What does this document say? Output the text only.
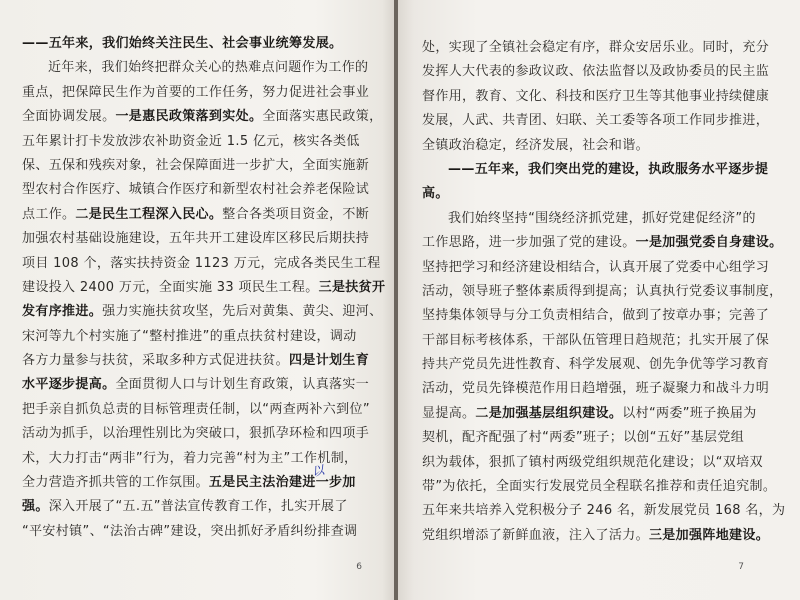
——五年来，我们始终关注民生、社会事业统筹发展。
近年来，我们始终把群众关心的热难点问题作为工作的
重点，把保障民生作为首要的工作任务，努力促进社会事业
全面协调发展。一是惠民政策落到实处。全面落实惠民政策，
五年累计打卡发放涉农补助资金近 1.5 亿元，核实各类低
保、五保和残疾对象，社会保障面进一步扩大，全面实施新
型农村合作医疗、城镇合作医疗和新型农村社会养老保险试
点工作。二是民生工程深入民心。整合各类项目资金，不断
加强农村基础设施建设，五年共开工建设库区移民后期扶持
项目 108 个，落实扶持资金 1123 万元，完成各类民生工程
建设投入 2400 万元，全面实施 33 项民生工程。三是扶贫开
发有序推进。强力实施扶贫攻坚，先后对黄集、黄尖、迎河、
宋河等九个村实施了“整村推进”的重点扶贫村建设，调动
各方力量参与扶贫，采取多种方式促进扶贫。四是计划生育
水平逐步提高。全面贯彻人口与计划生育政策，认真落实一
把手亲自抓负总责的目标管理责任制，以“两查两补六到位”
活动为抓手，以治理性别比为突破口，狠抓孕环检和四项手
术，大力打击“两非”行为，着力完善“村为主”工作机制，
全力营造齐抓共管的工作氛围。五是民主法治建进一步加
强。深入开展了“五.五”普法宣传教育工作，扎实开展了
“平安村镇”、“法治古碑”建设，突出抓好矛盾纠纷排查调
以
6
处，实现了全镇社会稳定有序，群众安居乐业。同时，充分
发挥人大代表的参政议政、依法监督以及政协委员的民主监
督作用，教育、文化、科技和医疗卫生等其他事业持续健康
发展，人武、共青团、妇联、关工委等各项工作同步推进，
全镇政治稳定，经济发展，社会和谐。
——五年来，我们突出党的建设，执政服务水平逐步提
高。
我们始终坚持“围绕经济抓党建，抓好党建促经济”的
工作思路，进一步加强了党的建设。一是加强党委自身建设。
坚持把学习和经济建设相结合，认真开展了党委中心组学习
活动，领导班子整体素质得到提高；认真执行党委议事制度，
坚持集体领导与分工负责相结合，做到了按章办事；完善了
干部目标考核体系，干部队伍管理日趋规范；扎实开展了保
持共产党员先进性教育、科学发展观、创先争优等学习教育
活动，党员先锋模范作用日趋增强，班子凝聚力和战斗力明
显提高。二是加强基层组织建设。以村“两委”班子换届为
契机，配齐配强了村“两委”班子；以创“五好”基层党组
织为载体，狠抓了镇村两级党组织规范化建设；以“双培双
带”为依托，全面实行发展党员全程联名推荐和责任追究制。
五年来共培养入党积极分子 246 名，新发展党员 168 名，为
党组织增添了新鲜血液，注入了活力。三是加强阵地建设。
7
